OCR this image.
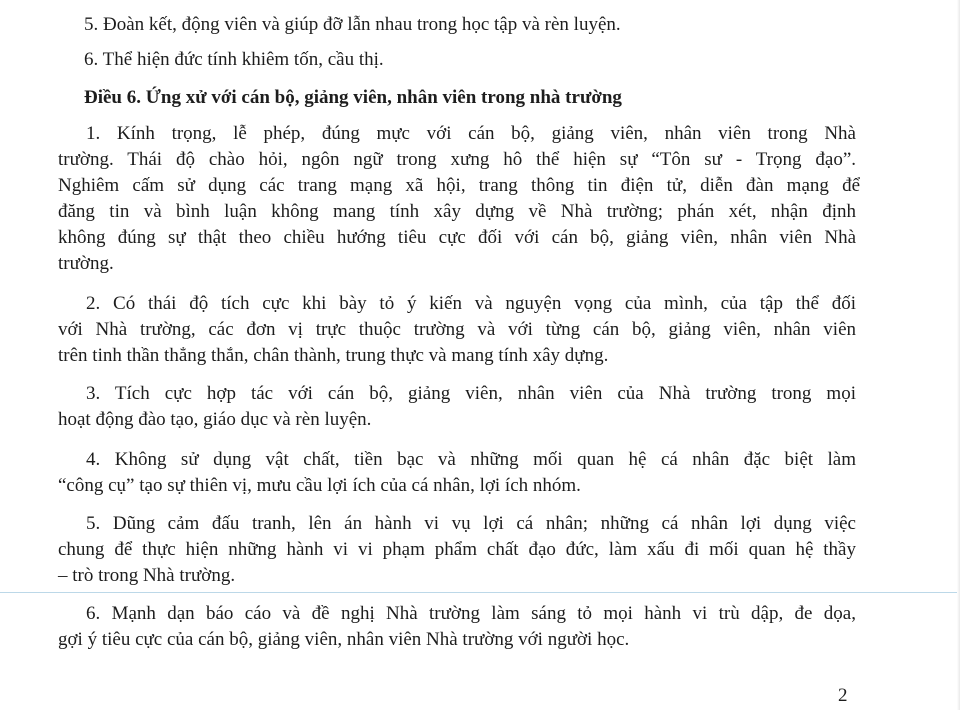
5. Đoàn kết, động viên và giúp đỡ lẫn nhau trong học tập và rèn luyện.
6. Thể hiện đức tính khiêm tốn, cầu thị.
Điều 6. Ứng xử với cán bộ, giảng viên, nhân viên trong nhà trường
1. Kính trọng, lễ phép, đúng mực với cán bộ, giảng viên, nhân viên trong Nhà
trường. Thái độ chào hỏi, ngôn ngữ trong xưng hô thể hiện sự “Tôn sư - Trọng đạo”.
Nghiêm cấm sử dụng các trang mạng xã hội, trang thông tin điện tử, diễn đàn mạng để
đăng tin và bình luận không mang tính xây dựng về Nhà trường; phán xét, nhận định
không đúng sự thật theo chiều hướng tiêu cực đối với cán bộ, giảng viên, nhân viên Nhà
trường.
2. Có thái độ tích cực khi bày tỏ ý kiến và nguyện vọng của mình, của tập thể đối
với Nhà trường, các đơn vị trực thuộc trường và với từng cán bộ, giảng viên, nhân viên
trên tinh thần thẳng thắn, chân thành, trung thực và mang tính xây dựng.
3. Tích cực hợp tác với cán bộ, giảng viên, nhân viên của Nhà trường trong mọi
hoạt động đào tạo, giáo dục và rèn luyện.
4. Không sử dụng vật chất, tiền bạc và những mối quan hệ cá nhân đặc biệt làm
“công cụ” tạo sự thiên vị, mưu cầu lợi ích của cá nhân, lợi ích nhóm.
5. Dũng cảm đấu tranh, lên án hành vi vụ lợi cá nhân; những cá nhân lợi dụng việc
chung để thực hiện những hành vi vi phạm phẩm chất đạo đức, làm xấu đi mối quan hệ thầy
– trò trong Nhà trường.
6. Mạnh dạn báo cáo và đề nghị Nhà trường làm sáng tỏ mọi hành vi trù dập, đe dọa,
gợi ý tiêu cực của cán bộ, giảng viên, nhân viên Nhà trường với người học.
2
